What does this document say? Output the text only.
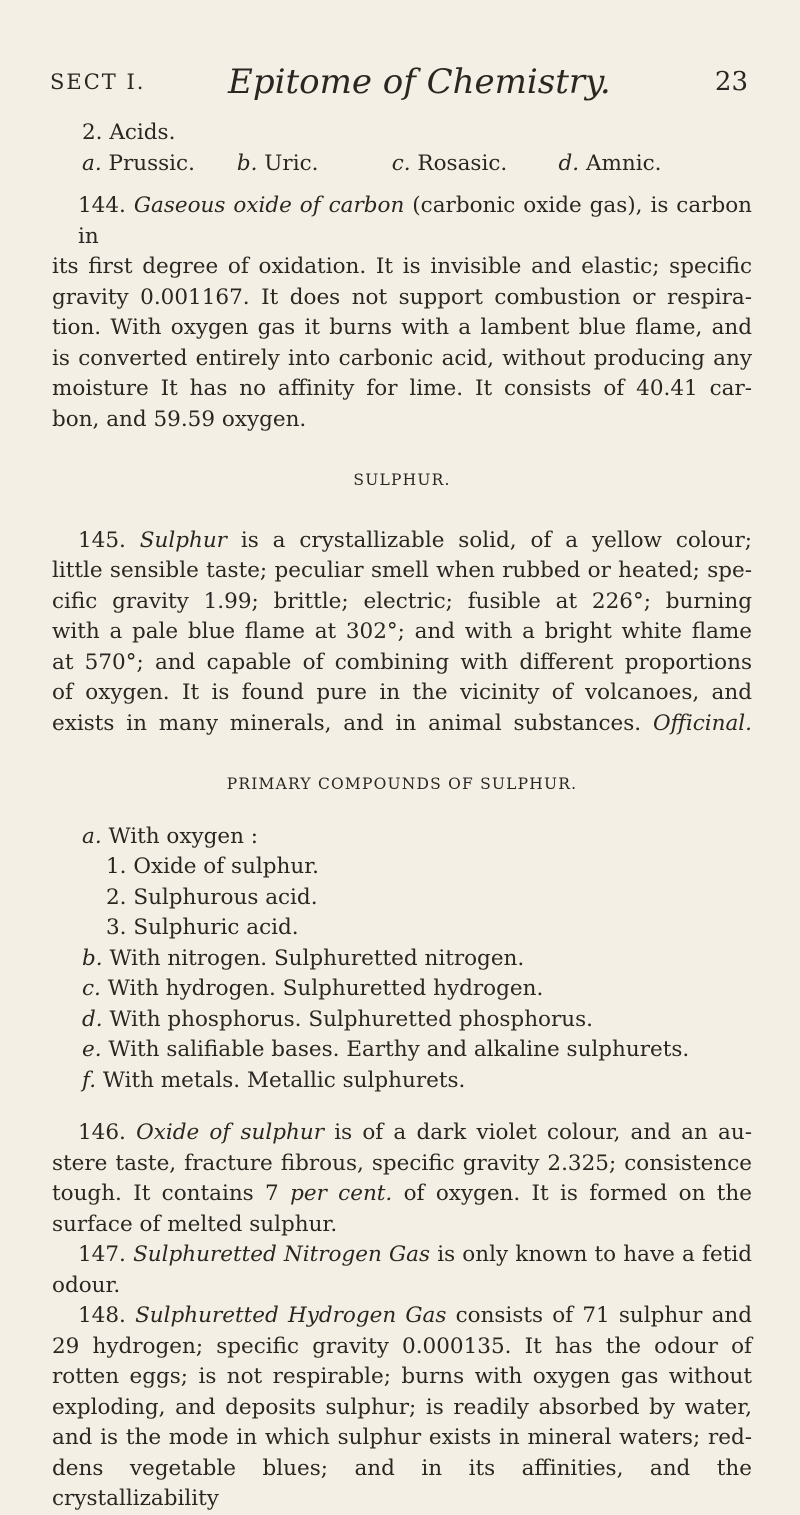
SECT I. Epitome of Chemistry.	23
2. Acids.
a. Prussic. b. Uric.	c. Rosasic. d. Amnic.
144. Gaseous oxide of carbon (carbonic oxide gas), is carbon in
its first degree of oxidation. It is invisible and elastic; specific
gravity 0.001167. It does not support combustion or respira-
tion. With oxygen gas it burns with a lambent blue flame, and
is converted entirely into carbonic acid, without producing any
moisture It has no affinity for lime. It consists of 40.41 car-
bon, and 59.59 oxygen.
SULPHUR.
145. Sulphur is a crystallizable solid, of a yellow colour;
little sensible taste; peculiar smell when rubbed or heated; spe-
cific gravity 1.99; brittle; electric; fusible at 226°; burning
with a pale blue flame at 302°; and with a bright white flame
at 570°; and capable of combining with different proportions
of oxygen. It is found pure in the vicinity of volcanoes, and
exists in many minerals, and in animal substances. Officinal.
PRIMARY COMPOUNDS OF SULPHUR.
a. With oxygen :
1. Oxide of sulphur.
2. Sulphurous acid.
3. Sulphuric acid.
b. With nitrogen. Sulphuretted nitrogen.
c. With hydrogen. Sulphuretted hydrogen.
d. With phosphorus. Sulphuretted phosphorus.
e. With salifiable bases. Earthy and alkaline sulphurets.
f. With metals. Metallic sulphurets.
146. Oxide of sulphur is of a dark violet colour, and an au-
stere taste, fracture fibrous, specific gravity 2.325; consistence
tough. It contains 7 per cent. of oxygen. It is formed on the
surface of melted sulphur.
147. Sulphuretted Nitrogen Gas is only known to have a fetid
odour.
148. Sulphuretted Hydrogen Gas consists of 71 sulphur and
29 hydrogen; specific gravity 0.000135. It has the odour of
rotten eggs; is not respirable; burns with oxygen gas without
exploding, and deposits sulphur; is readily absorbed by water,
and is the mode in which sulphur exists in mineral waters; red-
dens vegetable blues; and in its affinities, and the crystallizability
